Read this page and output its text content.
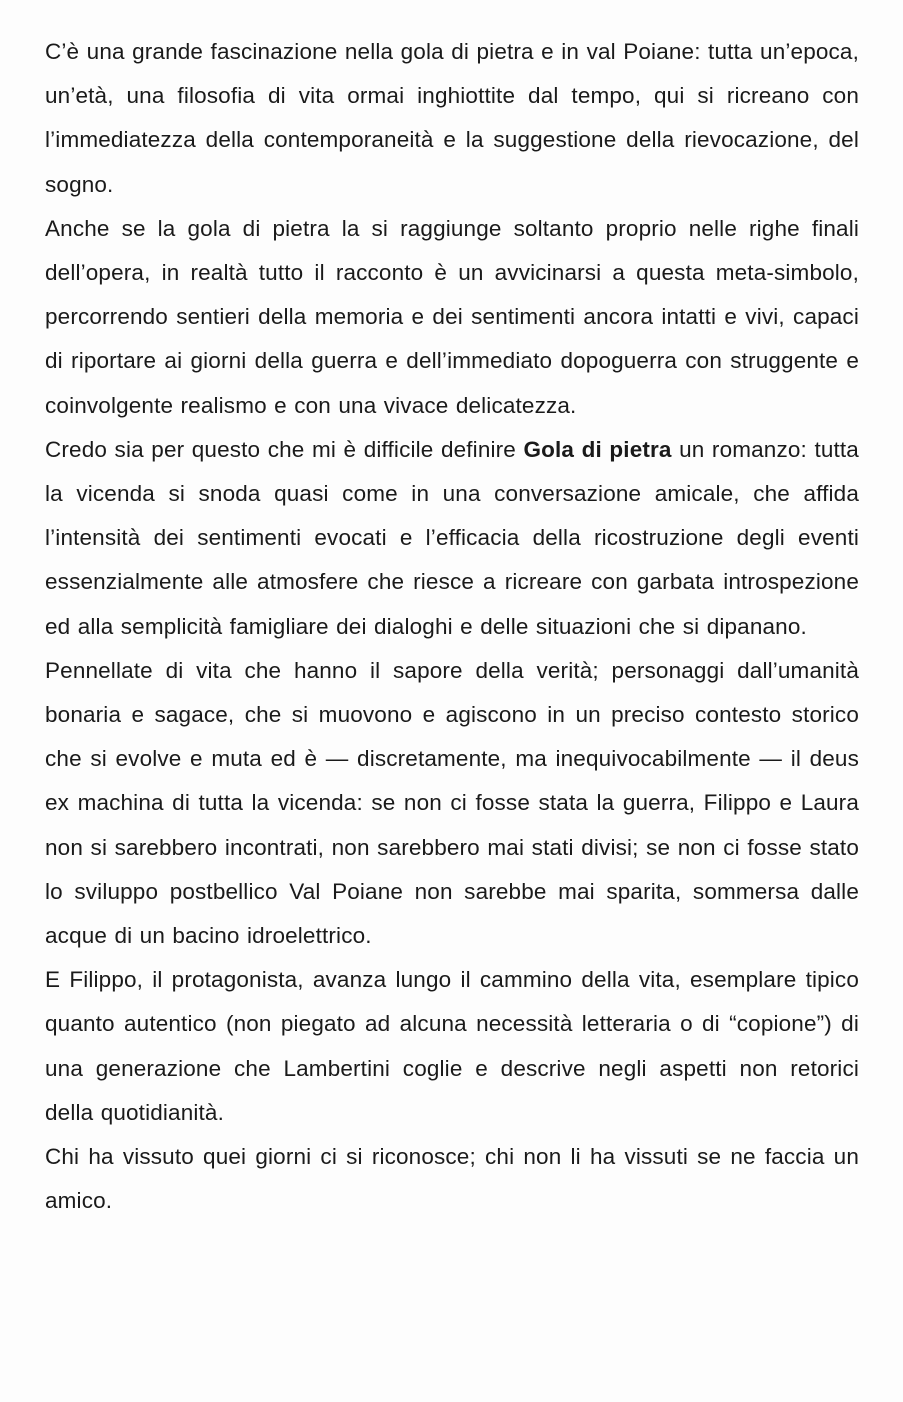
C’è una grande fascinazione nella gola di pietra e in val Poiane: tutta un’epoca, un’età, una filosofia di vita ormai inghiottite dal tempo, qui si ricreano con l’immediatezza della contemporaneità e la suggestione della rievocazione, del sogno.

Anche se la gola di pietra la si raggiunge soltanto proprio nelle righe finali dell’opera, in realtà tutto il racconto è un avvicinarsi a questa meta-simbolo, percorrendo sentieri della memoria e dei sentimenti ancora intatti e vivi, capaci di riportare ai giorni della guerra e dell’immediato dopoguerra con struggente e coinvolgente realismo e con una vivace delicatezza.

Credo sia per questo che mi è difficile definire Gola di pietra un romanzo: tutta la vicenda si snoda quasi come in una conversazione amicale, che affida l’intensità dei sentimenti evocati e l’efficacia della ricostruzione degli eventi essenzialmente alle atmosfere che riesce a ricreare con garbata introspezione ed alla semplicità famigliare dei dialoghi e delle situazioni che si dipanano.

Pennellate di vita che hanno il sapore della verità; personaggi dall’umanità bonaria e sagace, che si muovono e agiscono in un preciso contesto storico che si evolve e muta ed è — discretamente, ma inequivocabilmente — il deus ex machina di tutta la vicenda: se non ci fosse stata la guerra, Filippo e Laura non si sarebbero incontrati, non sarebbero mai stati divisi; se non ci fosse stato lo sviluppo postbellico Val Poiane non sarebbe mai sparita, sommersa dalle acque di un bacino idroelettrico.

E Filippo, il protagonista, avanza lungo il cammino della vita, esemplare tipico quanto autentico (non piegato ad alcuna necessità letteraria o di “copione”) di una generazione che Lambertini coglie e descrive negli aspetti non retorici della quotidianità.

Chi ha vissuto quei giorni ci si riconosce; chi non li ha vissuti se ne faccia un amico.
